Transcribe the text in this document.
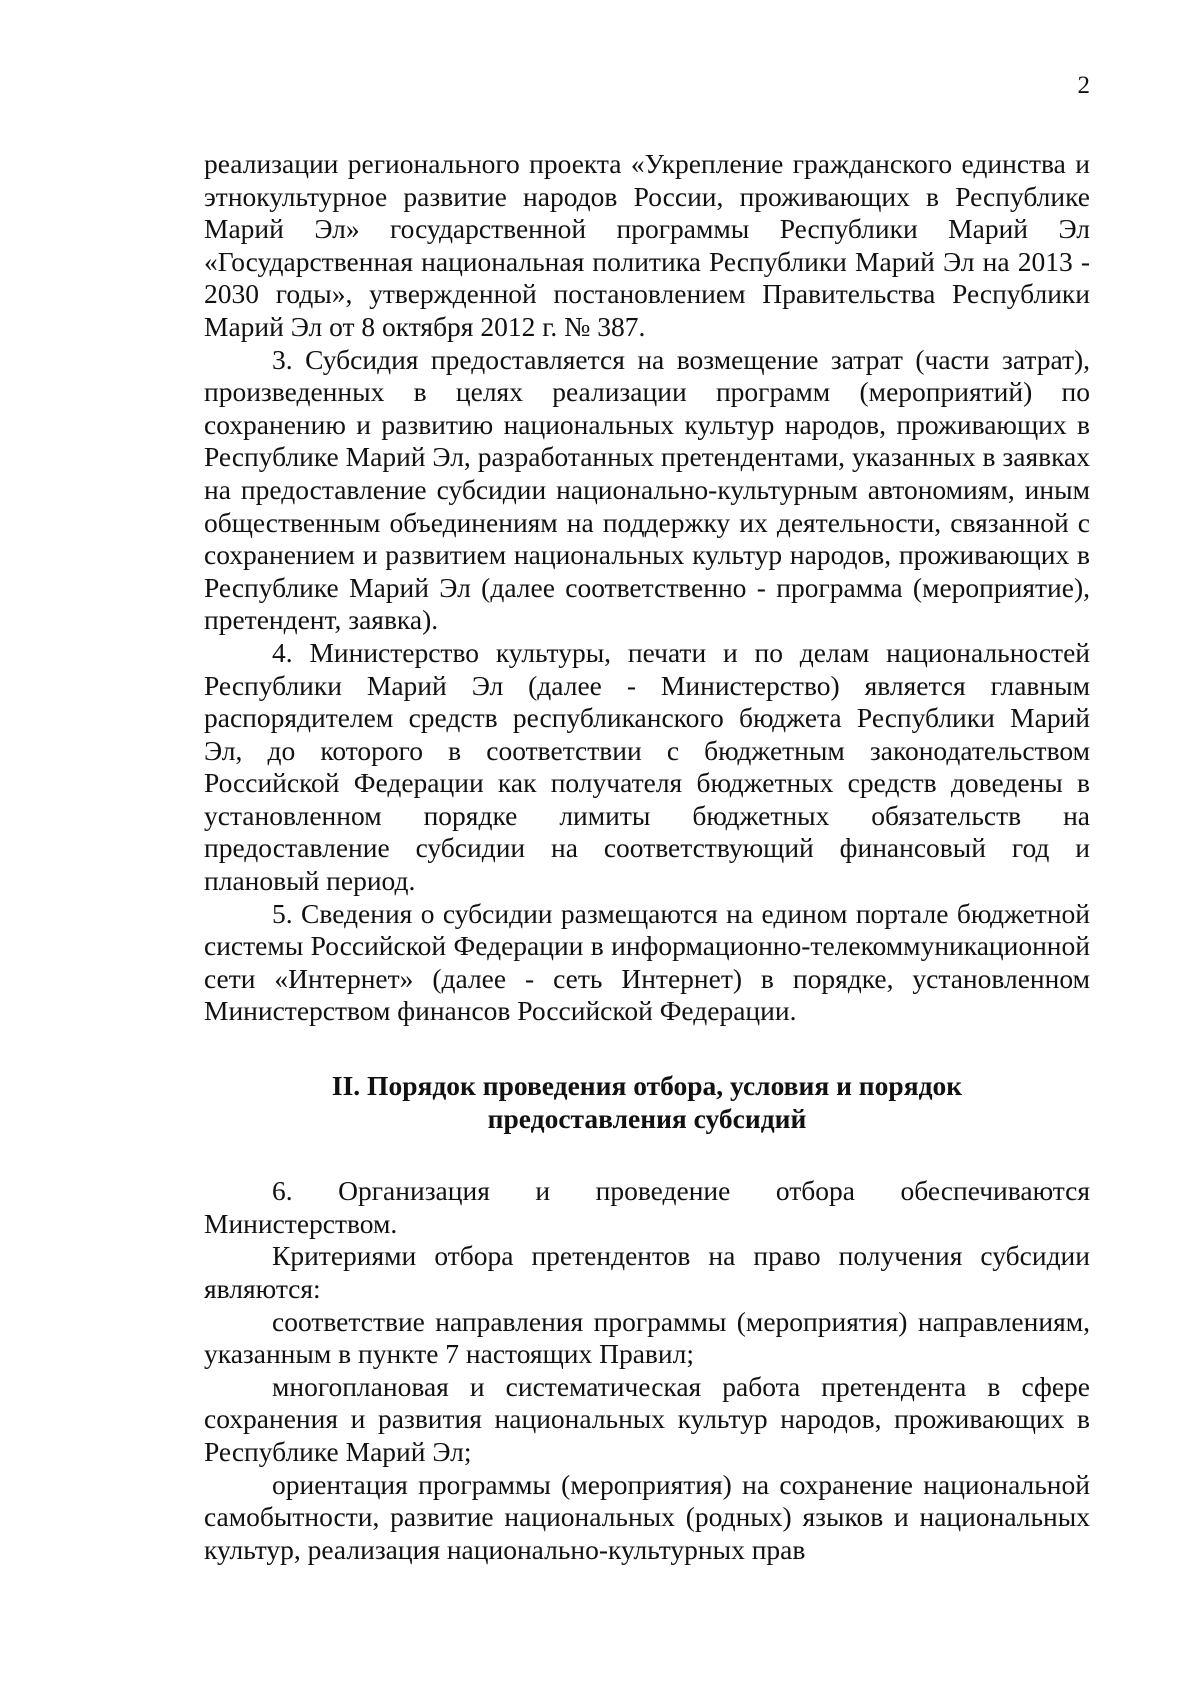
2

реализации регионального проекта «Укрепление гражданского единства и этнокультурное развитие народов России, проживающих в Республике Марий Эл» государственной программы Республики Марий Эл «Государственная национальная политика Республики Марий Эл на 2013 - 2030 годы», утвержденной постановлением Правительства Республики Марий Эл от 8 октября 2012 г. № 387.

3. Субсидия предоставляется на возмещение затрат (части затрат), произведенных в целях реализации программ (мероприятий) по сохранению и развитию национальных культур народов, проживающих в Республике Марий Эл, разработанных претендентами, указанных в заявках на предоставление субсидии национально-культурным автономиям, иным общественным объединениям на поддержку их деятельности, связанной с сохранением и развитием национальных культур народов, проживающих в Республике Марий Эл (далее соответственно - программа (мероприятие), претендент, заявка).

4. Министерство культуры, печати и по делам национальностей Республики Марий Эл (далее - Министерство) является главным распорядителем средств республиканского бюджета Республики Марий Эл, до которого в соответствии с бюджетным законодательством Российской Федерации как получателя бюджетных средств доведены в установленном порядке лимиты бюджетных обязательств на предоставление субсидии на соответствующий финансовый год и плановый период.

5. Сведения о субсидии размещаются на едином портале бюджетной системы Российской Федерации в информационно-телекоммуникационной сети «Интернет» (далее - сеть Интернет) в порядке, установленном Министерством финансов Российской Федерации.

II. Порядок проведения отбора, условия и порядок
предоставления субсидий

6. Организация и проведение отбора обеспечиваются Министерством.

Критериями отбора претендентов на право получения субсидии являются:

соответствие направления программы (мероприятия) направлениям, указанным в пункте 7 настоящих Правил;

многоплановая и систематическая работа претендента в сфере сохранения и развития национальных культур народов, проживающих в Республике Марий Эл;

ориентация программы (мероприятия) на сохранение национальной самобытности, развитие национальных (родных) языков и национальных культур, реализация национально-культурных прав
